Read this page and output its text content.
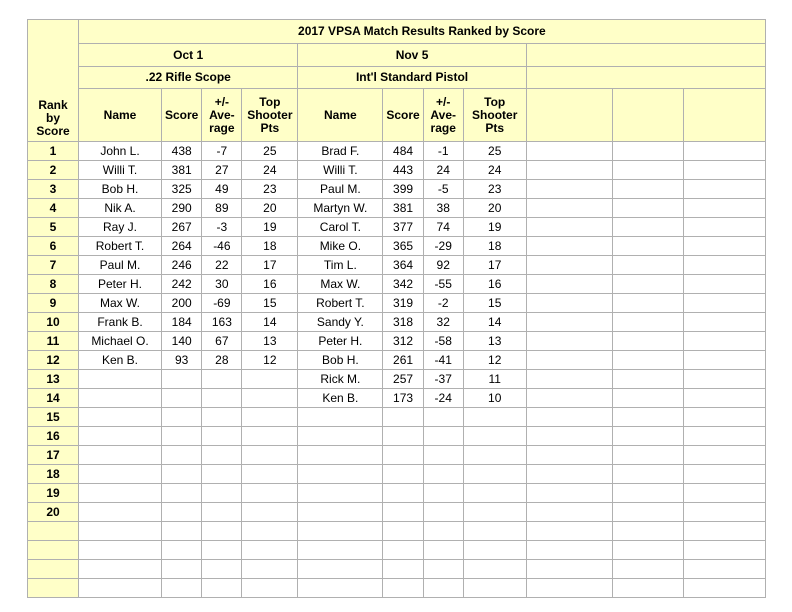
Rank by Score	2017 VPSA Match Results Ranked by Score										
	Oct 1				Nov 5						
	.22 Rifle Scope				Int'l Standard Pistol						
	Name	Score	+/- Ave-rage	Top Shooter Pts	Name	Score	+/- Ave-rage	Top Shooter Pts			
1	John L.	438	-7	25	Brad F.	484	-1	25			
2	Willi T.	381	27	24	Willi T.	443	24	24			
3	Bob H.	325	49	23	Paul M.	399	-5	23			
4	Nik A.	290	89	20	Martyn W.	381	38	20			
5	Ray J.	267	-3	19	Carol T.	377	74	19			
6	Robert T.	264	-46	18	Mike O.	365	-29	18			
7	Paul M.	246	22	17	Tim L.	364	92	17			
8	Peter H.	242	30	16	Max W.	342	-55	16			
9	Max W.	200	-69	15	Robert T.	319	-2	15			
10	Frank B.	184	163	14	Sandy Y.	318	32	14			
11	Michael O.	140	67	13	Peter H.	312	-58	13			
12	Ken B.	93	28	12	Bob H.	261	-41	12			
13					Rick M.	257	-37	11			
14					Ken B.	173	-24	10			
15											
16											
17											
18											
19											
20											
